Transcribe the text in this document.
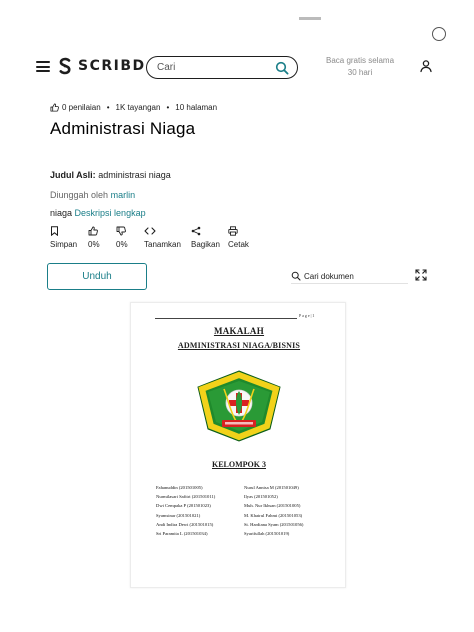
SCRIBD
Cari	Baca gratis selama
30 hari
0 penilaian • 1K tayangan • 10 halaman
Administrasi Niaga
Judul Asli: administrasi niaga
Diunggah oleh marlin
niaga Deskripsi lengkap
Simpan 0% 0% Tanamkan Bagikan Cetak
Unduh
Cari dokumen
P a g e | 1
MAKALAH
ADMINISTRASI NIAGA/BISNIS
KELOMPOK 3
Fahanuddin (201501005)
Nurmilasari Safitri (201501011)
Dwi Cempaka P (201501023)
Syamsinar (201501021)
Andi Indira Dewi (201501015)
Sri Paramita L (201501034)
Nurul Annisa M (201501049)
Ilyas (201501052)
Muh. Nur Ikhsan (201501005)
M. Khairul Fahmi (201501053)
St. Hardiana Syam (201501056)
Syarifullah (201501019)
